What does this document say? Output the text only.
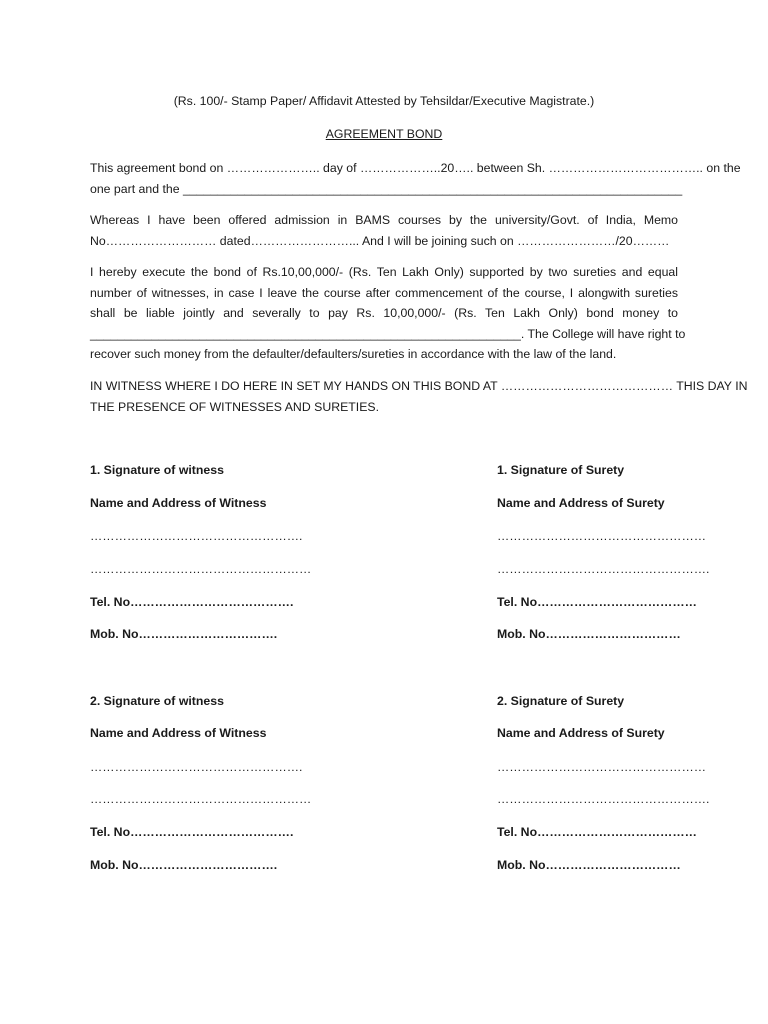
(Rs. 100/- Stamp Paper/ Affidavit Attested by Tehsildar/Executive Magistrate.)
AGREEMENT BOND
This agreement bond on ………………….. day of ………………..20….. between Sh. ……………………………….. on the
one part and the _________________________________________________________________________
Whereas I have been offered admission in BAMS courses by the university/Govt. of India, Memo
No……………………… dated……………………... And I will be joining such on ……………………/20………
I hereby execute the bond of Rs.10,00,000/- (Rs. Ten Lakh Only) supported by two sureties and equal
number of witnesses, in case I leave the course after commencement of the course, I alongwith sureties
shall be liable jointly and severally to pay Rs. 10,00,000/- (Rs. Ten Lakh Only) bond money to
_______________________________________________________________. The College will have right to
recover such money from the defaulter/defaulters/sureties in accordance with the law of the land.
IN WITNESS WHERE I DO HERE IN SET MY HANDS ON THIS BOND AT …………………………………… THIS DAY IN
THE PRESENCE OF WITNESSES AND SURETIES.
1. Signature of witness
Name and Address of Witness
…………………………………………….
………………………………………………
Tel. No………………………………….
Mob. No…………………………….
1. Signature of Surety
Name and Address of Surety
……………………………………………
…………………………………………….
Tel. No…………………………………
Mob. No……………………………
2. Signature of witness
Name and Address of Witness
…………………………………………….
………………………………………………
Tel. No………………………………….
Mob. No…………………………….
2. Signature of Surety
Name and Address of Surety
……………………………………………
…………………………………………….
Tel. No…………………………………
Mob. No……………………………
